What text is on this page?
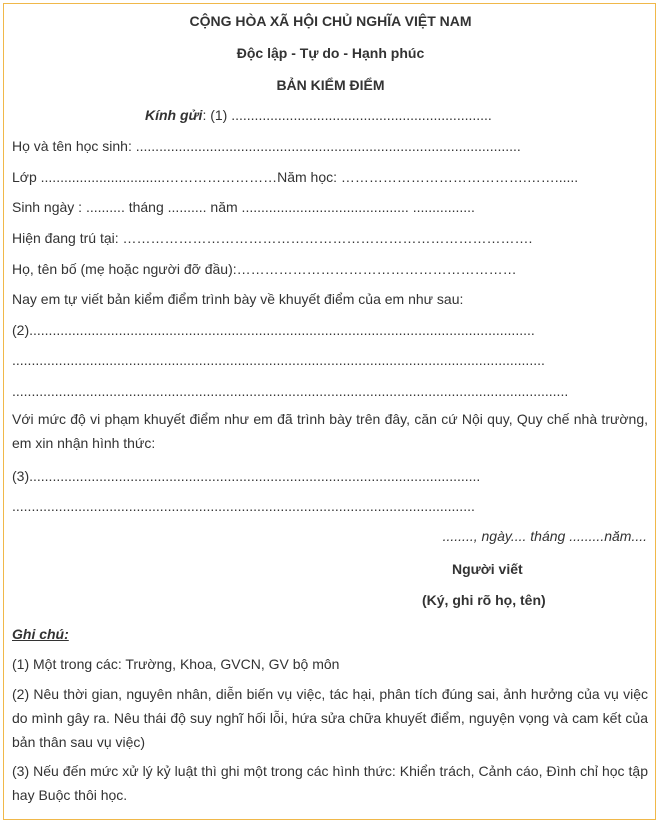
CỘNG HÒA XÃ HỘI CHỦ NGHĨA VIỆT NAM
Độc lập - Tự do - Hạnh phúc
BẢN KIỂM ĐIỂM
Kính gửi: (1) ...................................................................
Họ và tên học sinh: ...................................................................................................
Lớp ................................……………………Năm học: ………………………………….……......
Sinh ngày : .......... tháng .......... năm ........................................... ................
Hiện đang trú tại: …………………………………………………………………………….
Họ, tên bố (mẹ hoặc người đỡ đầu):……………………………………………………
Nay em tự viết bản kiểm điểm trình bày về khuyết điểm của em như sau:
(2)..................................................................................................................................
.........................................................................................................................................
...............................................................................................................................................
Với mức độ vi phạm khuyết điểm như em đã trình bày trên đây, căn cứ Nội quy, Quy chế nhà trường, em xin nhận hình thức:
(3)....................................................................................................................
.......................................................................................................................
........, ngày.... tháng .........năm....
Người viết
(Ký, ghi rõ họ, tên)
Ghi chú:
(1) Một trong các: Trường, Khoa, GVCN, GV bộ môn
(2) Nêu thời gian, nguyên nhân, diễn biến vụ việc, tác hại, phân tích đúng sai, ảnh hưởng của vụ việc do mình gây ra. Nêu thái độ suy nghĩ hối lỗi, hứa sửa chữa khuyết điểm, nguyện vọng và cam kết của bản thân sau vụ việc)
(3) Nếu đến mức xử lý kỷ luật thì ghi một trong các hình thức: Khiển trách, Cảnh cáo, Đình chỉ học tập hay Buộc thôi học.
